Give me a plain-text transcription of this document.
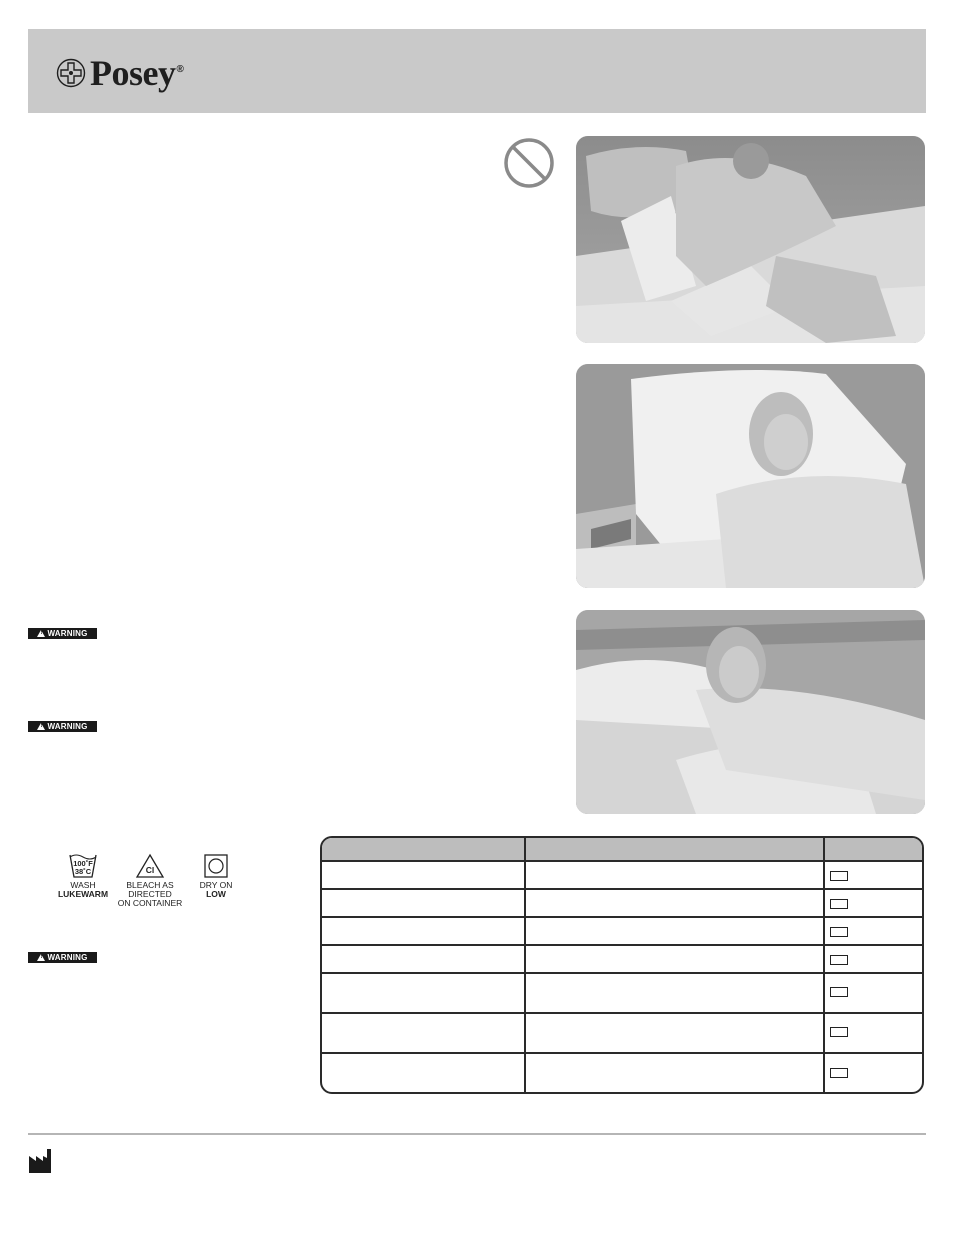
Posey®
!
WARNING
!
WARNING
!
WARNING
100˚F
38˚C
WASH
LUKEWARM
Cl
BLEACH AS DIRECTED
ON CONTAINER
DRY ON
LOW
